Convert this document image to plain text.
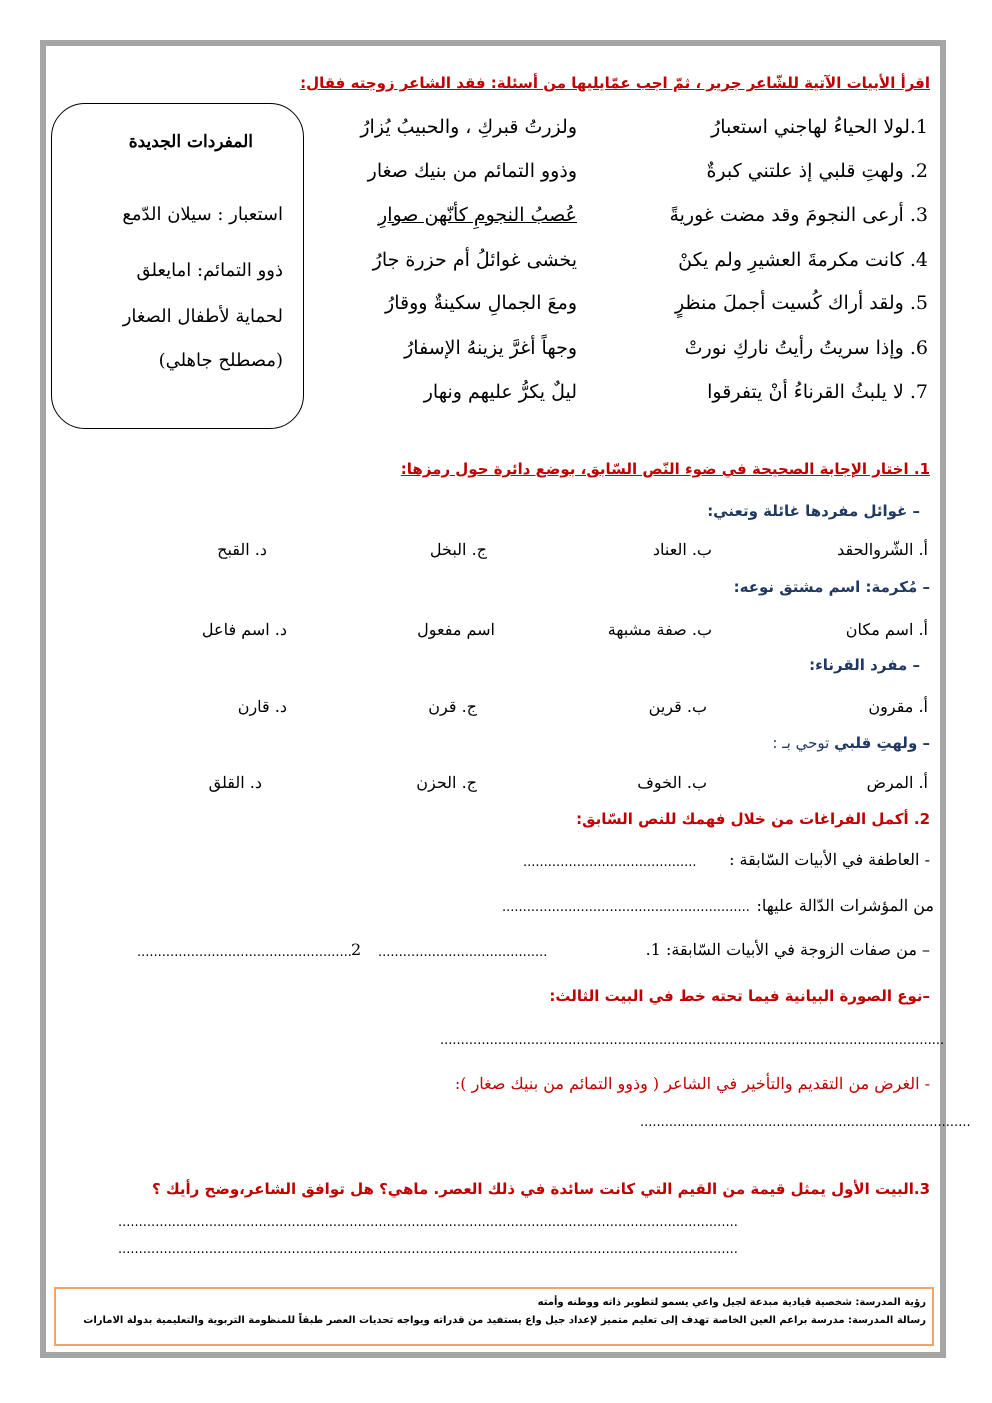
اقرأ الأبيات الآتية للشّاعر جرير ، ثمّ اجب عمّايليها من أسئلة: فقد الشاعر زوجته فقال:
1.لولا الحياءُ لهاجني استعبارُ
ولزرتُ قبركِ ، والحبيبُ يُزارُ
2. ولهتِ قلبي إذ علتني كبرةٌ
وذوو التمائم من بنيك صغار
3. أرعى النجومَ وقد مضت غوريةً
عُصبُ النجومِ كأنّهن صوارِ
4. كانت مكرمةَ العشيرِ ولم يكنْ
يخشى غوائلُ أم حزرة جارُ
5. ولقد أراك كُسيت أجملَ منظرٍ
ومعَ الجمالِ سكينةٌ ووقارُ
6. وإذا سريتُ رأيتُ ناركِ نورتْ
وجهاً أغرَّ يزينهُ الإسفارُ
7. لا يلبثُ القرناءُ أنْ يتفرقوا
ليلٌ يكرُّ عليهم ونهار
المفردات الجديدة
استعبار : سيلان الدّمع
ذوو التمائم: امايعلق
لحماية لأطفال الصغار
(مصطلح جاهلي)
1. اختار الإجابة الصحيحة في ضوء النّص السّابق، بوضع دائرة حول رمزها:
– غوائل مفردها غائلة وتعني:
أ. الشّروالحقد
ب. العناد
ج. البخل
د. القبح
– مُكرمة: اسم مشتق نوعه:
أ. اسم مكان
ب. صفة مشبهة
اسم مفعول
د. اسم فاعل
– مفرد القرناء:
أ. مقرون
ب. قرين
ج. قرن
د. قارن
– ولهتِ قلبي توحي بـ :
أ. المرض
ب. الخوف
ج. الحزن
د. القلق
2. أكمل الفراغات من خلال فهمك للنص السّابق:
- العاطفة في الأبيات السّابقة :
..........................................
من المؤشرات الدّالة عليها:
............................................................
– من صفات الزوجة في الأبيات السّابقة: 1.
.........................................
2
....................................................
–نوع الصورة البيانية فيما تحته خط في البيت الثالث:
..........................................................................................................................
- الغرض من التقديم والتأخير في الشاعر ( وذوو التمائم من بنيك صغار ):
................................................................................
3.البيت الأول يمثل قيمة من القيم التي كانت سائدة في ذلك العصر. ماهي؟ هل توافق الشاعر،وضح رأيك ؟
......................................................................................................................................................
......................................................................................................................................................
رؤية المدرسة: شخصية قيادية مبدعة لجيل واعي يسمو لتطوير ذاته ووطنه وأمته
رسالة المدرسة: مدرسة براعم العين الخاصة تهدف إلى تعليم متميز لإعداد جيل واع يستفيد من قدراته ويواجه تحديات العصر طبقاً للمنظومة التربوية والتعليمية بدولة الامارات
